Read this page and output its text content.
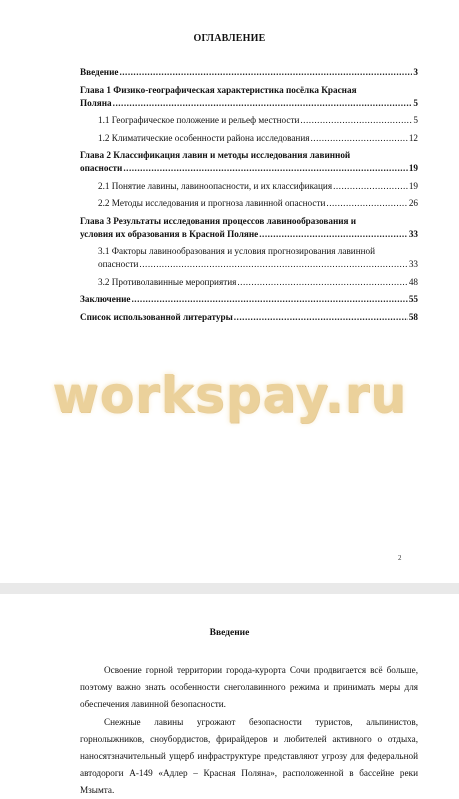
ОГЛАВЛЕНИЕ
Введение .....	3
Глава 1 Физико-географическая характеристика посёлка Красная
Поляна .....	5
1.1 Географическое положение и рельеф местности .....	5
1.2 Климатические особенности района исследования .....	12
Глава 2 Классификация лавин и методы исследования лавинной
опасности .....	19
2.1 Понятие лавины, лавиноопасности, и их классификация .....	19
2.2 Методы исследования и прогноза лавинной опасности .....	26
Глава 3 Результаты исследования процессов лавинообразования и
условия их образования в Красной Поляне .....	33
3.1 Факторы лавинообразования и условия прогнозирования лавинной
опасности .....	33
3.2 Противолавинные мероприятия .....	48
Заключение .....	55
Список использованной литературы .....	58
workspay.ru
2
Введение

Освоение горной территории города-курорта Сочи продвигается всё больше, поэтому важно знать особенности снеголавинного режима и принимать меры для обеспечения лавинной безопасности.

Снежные лавины угрожают безопасности туристов, альпинистов, горнолыжников, сноубордистов, фрирайдеров и любителей активного о отдыха, наносятзначительный ущерб инфраструктуре представляют угрозу для федеральной автодороги А-149 «Адлер – Красная Поляна», расположенной в бассейне реки Мзымта.
